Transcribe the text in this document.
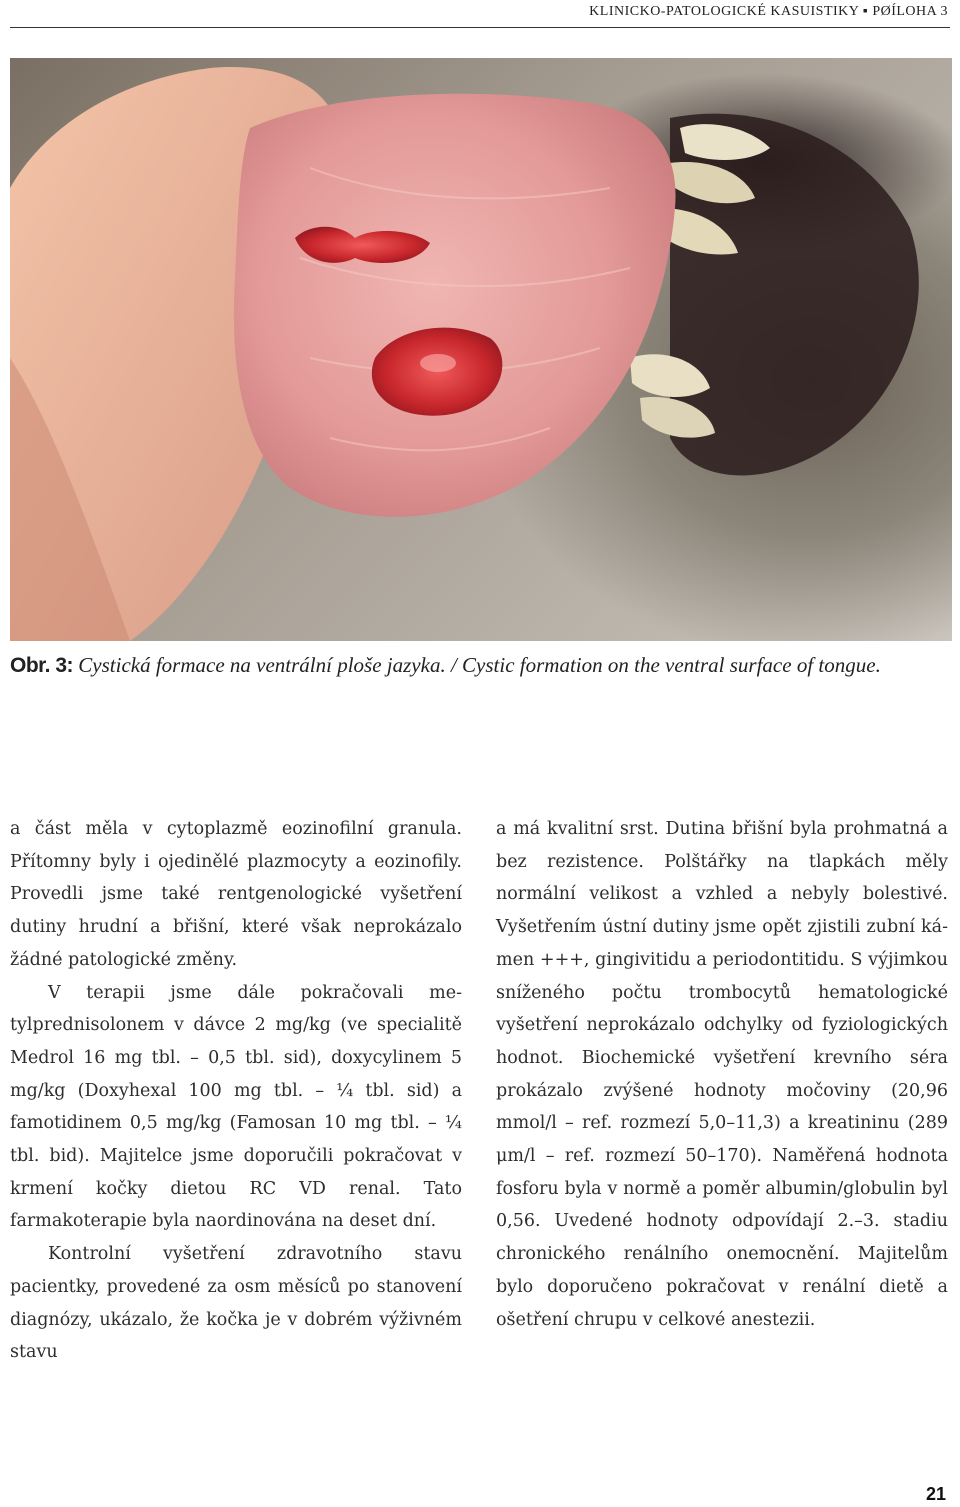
KLINICKO-PATOLOGICKÉ KASUISTIKY ▪ PØÍLOHA 3
Obr. 3: Cystická formace na ventrální ploše jazyka. / Cystic formation on the ventral surface of tongue.

a část měla v cytoplazmě eozinofilní granula. Přítomny byly i ojedinělé plazmocyty a eozinofily. Provedli jsme také rentgenologické vyšetření dutiny hrudní a břišní, které však neprokázalo žádné patologické změny.

V terapii jsme dále pokračovali metylprednisolonem v dávce 2 mg/kg (ve specialitě Medrol 16 mg tbl. – 0,5 tbl. sid), doxycylinem 5 mg/kg (Doxyhexal 100 mg tbl. – ¼ tbl. sid) a famotidinem 0,5 mg/kg (Famosan 10 mg tbl. – ¼ tbl. bid). Majitelce jsme doporučili pokračovat v krmení kočky dietou RC VD renal. Tato farmakoterapie byla naordinována na deset dní.

Kontrolní vyšetření zdravotního stavu pacientky, provedené za osm měsíců po stanovení diagnózy, ukázalo, že kočka je v dobrém výživném stavu

a má kvalitní srst. Dutina břišní byla prohmatná a bez rezistence. Polštářky na tlapkách měly normální velikost a vzhled a nebyly bolestivé. Vyšetřením ústní dutiny jsme opět zjistili zubní kámen +++, gingivitidu a periodontitidu. S výjimkou sníženého počtu trombocytů hematologické vyšetření neprokázalo odchylky od fyziologických hodnot. Biochemické vyšetření krevního séra prokázalo zvýšené hodnoty močoviny (20,96 mmol/l – ref. rozmezí 5,0–11,3) a kreatininu (289 μm/l – ref. rozmezí 50–170). Naměřená hodnota fosforu byla v normě a poměr albumin/globulin byl 0,56. Uvedené hodnoty odpovídají 2.–3. stadiu chronického renálního onemocnění. Majitelům bylo doporučeno pokračovat v renální dietě a ošetření chrupu v celkové anestezii.

21
